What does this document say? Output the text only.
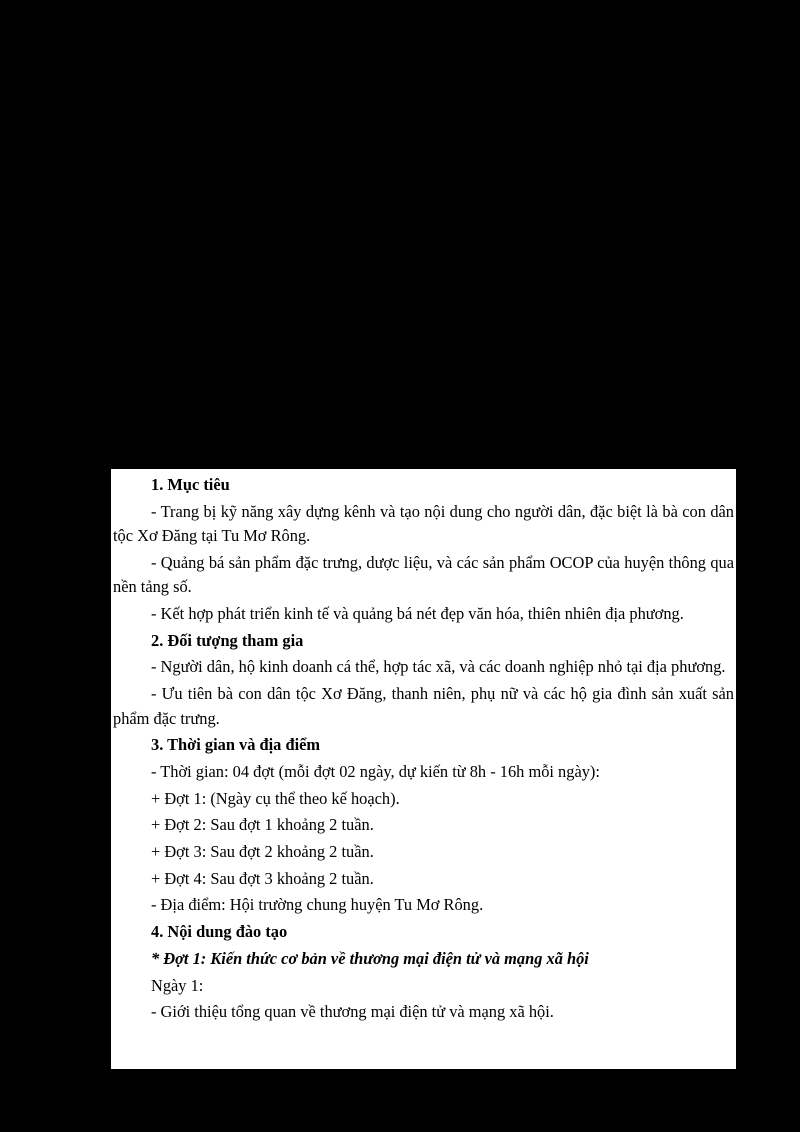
1. Mục tiêu

- Trang bị kỹ năng xây dựng kênh và tạo nội dung cho người dân, đặc biệt là bà con dân tộc Xơ Đăng tại Tu Mơ Rông.

- Quảng bá sản phẩm đặc trưng, dược liệu, và các sản phẩm OCOP của huyện thông qua nền tảng số.

- Kết hợp phát triển kinh tế và quảng bá nét đẹp văn hóa, thiên nhiên địa phương.

2. Đối tượng tham gia

- Người dân, hộ kinh doanh cá thể, hợp tác xã, và các doanh nghiệp nhỏ tại địa phương.

- Ưu tiên bà con dân tộc Xơ Đăng, thanh niên, phụ nữ và các hộ gia đình sản xuất sản phẩm đặc trưng.

3. Thời gian và địa điểm

- Thời gian: 04 đợt (mỗi đợt 02 ngày, dự kiến từ 8h - 16h mỗi ngày):

+ Đợt 1: (Ngày cụ thể theo kế hoạch).

+ Đợt 2: Sau đợt 1 khoảng 2 tuần.

+ Đợt 3: Sau đợt 2 khoảng 2 tuần.

+ Đợt 4: Sau đợt 3 khoảng 2 tuần.

- Địa điểm: Hội trường chung huyện Tu Mơ Rông.

4. Nội dung đào tạo

* Đợt 1: Kiến thức cơ bản về thương mại điện tử và mạng xã hội

Ngày 1:

- Giới thiệu tổng quan về thương mại điện tử và mạng xã hội.
